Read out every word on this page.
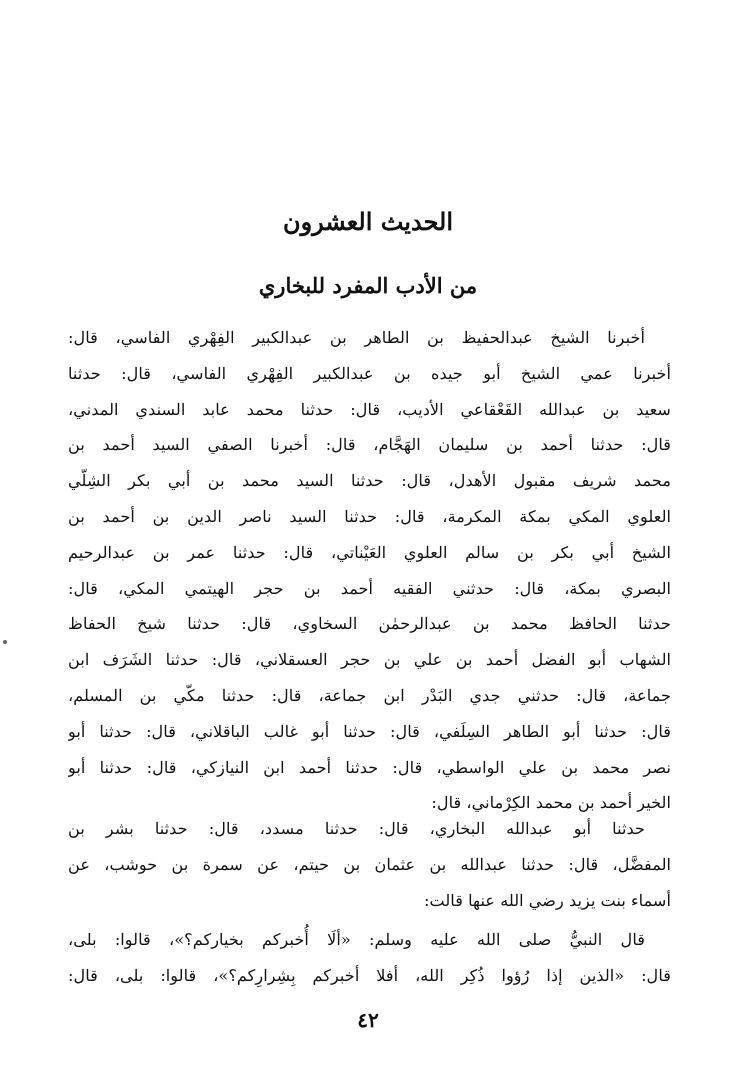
الحديث العشرون
من الأدب المفرد للبخاري
أخبرنا الشيخ عبدالحفيظ بن الطاهر بن عبدالكبير الفِهْري الفاسي، قال:
أخبرنا عمي الشيخ أبو جيده بن عبدالكبير الفِهْري الفاسي، قال: حدثنا
سعيد بن عبدالله القَعْقاعي الأديب، قال: حدثنا محمد عابد السندي المدني،
قال: حدثنا أحمد بن سليمان الهَجَّام، قال: أخبرنا الصفي السيد أحمد بن
محمد شريف مقبول الأهدل، قال: حدثنا السيد محمد بن أبي بكر الشِلّي
العلوي المكي بمكة المكرمة، قال: حدثنا السيد ناصر الدين بن أحمد بن
الشيخ أبي بكر بن سالم العلوي العَيْناتي، قال: حدثنا عمر بن عبدالرحيم
البصري بمكة، قال: حدثني الفقيه أحمد بن حجر الهيتمي المكي، قال:
حدثنا الحافظ محمد بن عبدالرحمٰن السخاوي، قال: حدثنا شيخ الحفاظ
الشهاب أبو الفضل أحمد بن علي بن حجر العسقلاني، قال: حدثنا الشَرَف ابن
جماعة، قال: حدثني جدي البَدْر ابن جماعة، قال: حدثنا مكّي بن المسلم،
قال: حدثنا أبو الطاهر السِلَفي، قال: حدثنا أبو غالب الباقلاني، قال: حدثنا أبو
نصر محمد بن علي الواسطي، قال: حدثنا أحمد ابن النيازكي، قال: حدثنا أبو
الخير أحمد بن محمد الكِرْماني، قال:
حدثنا أبو عبدالله البخاري، قال: حدثنا مسدد، قال: حدثنا بشر بن
المفضَّل، قال: حدثنا عبدالله بن عثمان بن حيتم، عن سمرة بن حوشب، عن
أسماء بنت يزيد رضي الله عنها قالت:
قال النبيُّ صلى الله عليه وسلم: «ألَا أُخبركم بخياركم؟»، قالوا: بلى،
قال: «الذين إذا رُؤوا ذُكِر الله، أفلا أخبركم بِشِرارِكم؟»، قالوا: بلى، قال:
٤٢
